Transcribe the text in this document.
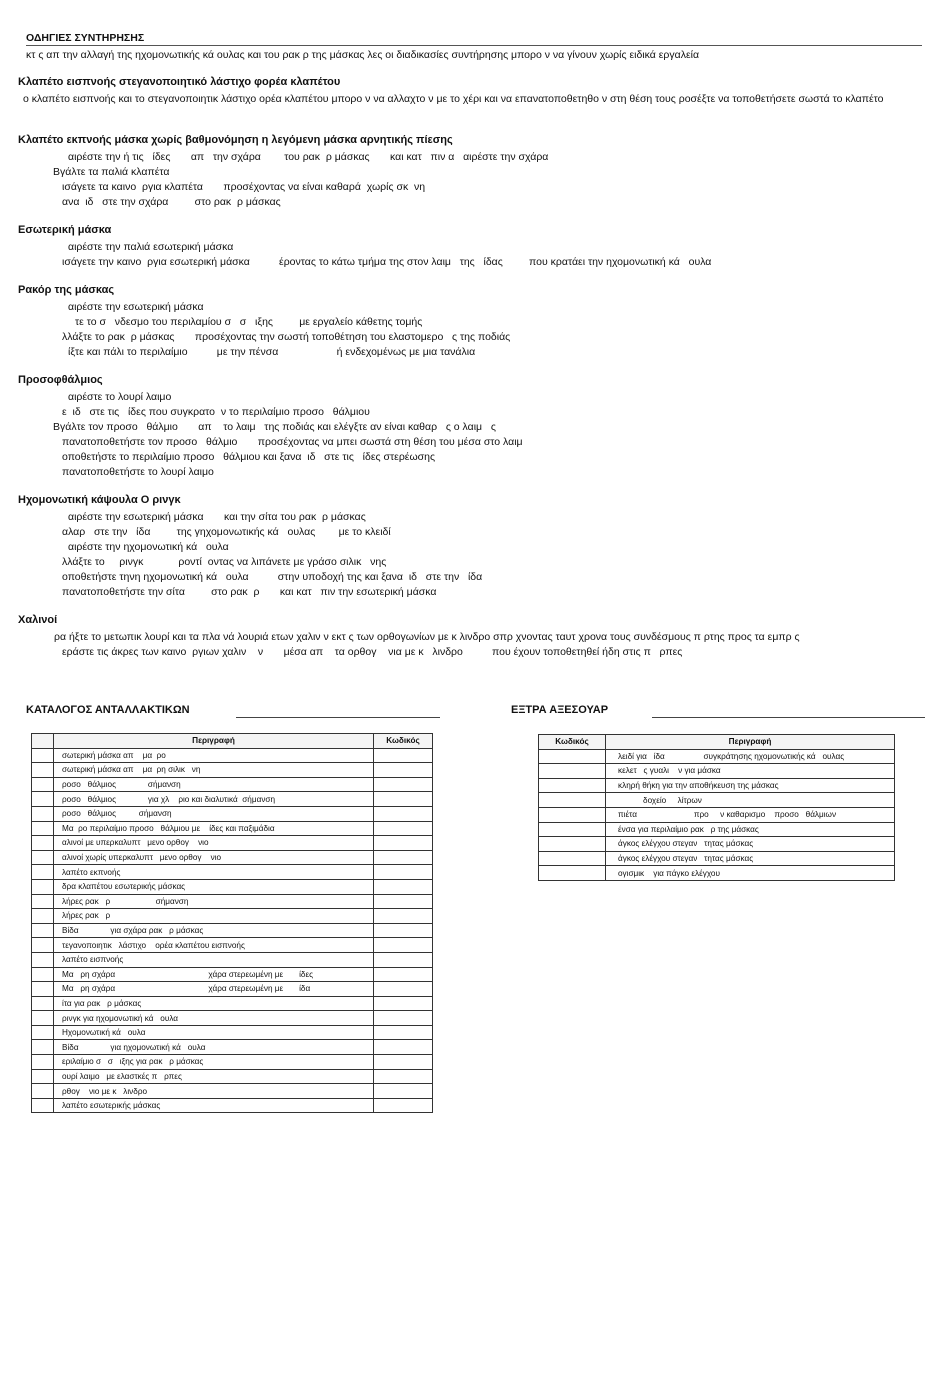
ΟΔΗΓΙΕΣ ΣΥΝΤΗΡΗΣΗΣ
κτ ς απ την αλλαγή της ηχομονωτικής κά ουλας και του ρακ ρ της μάσκας λες οι διαδικασίες συντήρησης μπορο ν να γίνουν χωρίς ειδικά εργαλεία
Κλαπέτο εισπνοής στεγανοποιητικό λάστιχο φορέα κλαπέτου
ο κλαπέτο εισπνοής και το στεγανοποιητικ λάστιχο ορέα κλαπέτου μπορο ν να αλλαχτο ν με το χέρι και να επανατοποθετηθο ν στη θέση τους ροσέξτε να τοποθετήσετε σωστά το κλαπέτο
Κλαπέτο εκπνοής μάσκα χωρίς βαθμονόμηση η λεγόμενη μάσκα αρνητικής πίεσης
αιρέστε την ή τις   ίδες       απ   την σχάρα        του ρακ  ρ μάσκας       και κατ   πιν α   αιρέστε την σχάρα
Βγάλτε τα παλιά κλαπέτα
ισάγετε τα καινο  ργια κλαπέτα       προσέχοντας να είναι καθαρά  χωρίς σκ  νη
ανα  ιδ   στε την σχάρα         στο ρακ  ρ μάσκας
Εσωτερική μάσκα
αιρέστε την παλιά εσωτερική μάσκα
ισάγετε την καινο  ργια εσωτερική μάσκα          έροντας το κάτω τμήμα της στον λαιμ   της   ίδας         που κρατάει την ηχομονωτική κά   ουλα
Ρακόρ της μάσκας
αιρέστε την εσωτερική μάσκα
τε το σ   νδεσμο του περιλαμίου σ   σ   ιξης         με εργαλείο κάθετης τομής
λλάξτε το ρακ  ρ μάσκας       προσέχοντας την σωστή τοποθέτηση του ελαστομερο   ς της ποδιάς
ίξτε και πάλι το περιλαίμιο          με την πένσα                    ή ενδεχομένως με μια τανάλια
Προσοφθάλμιος
αιρέστε το λουρί λαιμο
ε  ιδ   στε τις   ίδες που συγκρατο  ν το περιλαίμιο προσο   θάλμιου
Βγάλτε τον προσο   θάλμιο       απ    το λαιμ   της ποδιάς και ελέγξτε αν είναι καθαρ   ς ο λαιμ   ς
πανατοποθετήστε τον προσο   θάλμιο       προσέχοντας να μπει σωστά στη θέση του μέσα στο λαιμ
οποθετήστε το περιλαίμιο προσο   θάλμιου και ξανα  ιδ   στε τις   ίδες στερέωσης
πανατοποθετήστε το λουρί λαιμο
Ηχομονωτική κάψουλα Ο ρινγκ
αιρέστε την εσωτερική μάσκα       και την σίτα του ρακ  ρ μάσκας
αλαρ   στε την   ίδα         της γηχομονωτικής κά   ουλας        με το κλειδί
αιρέστε την ηχομονωτική κά   ουλα
λλάξτε το     ρινγκ            ροντί  οντας να λιπάνετε με γράσο σιλικ   νης
οποθετήστε τηνη ηχομονωτική κά   ουλα          στην υποδοχή της και ξανα  ιδ   στε την   ίδα
πανατοποθετήστε την σίτα         στο ρακ  ρ       και κατ   πιν την εσωτερική μάσκα
Χαλινοί
ρα ήξτε το μετωπικ λουρί και τα πλα νά λουριά ετων χαλιν ν εκτ ς των ορθογωνίων με κ λινδρο σπρ χνοντας ταυτ χρονα τους συνδέσμους π ρτης προς τα εμπρ ς
εράστε τις άκρες των καινο  ργιων χαλιν    ν       μέσα απ    τα ορθογ    νια με κ   λινδρο          που έχουν τοποθετηθεί ήδη στις π   ρπες
ΚΑΤΑΛΟΓΟΣ ΑΝΤΑΛΛΑΚΤΙΚΩΝ
	Περιγραφή	Κωδικός
	σωτερική μάσκα απ    μα  ρο	
	σωτερική μάσκα απ    μα  ρη σιλικ   νη	
	ροσο   θάλμιος              σήμανση	
	ροσο   θάλμιος              για χλ    ριο και διαλυτικά  σήμανση	
	ροσο   θάλμιος          σήμανση	
	Μα  ρο περιλαίμιο προσο   θάλμιου με    ίδες και παξιμάδια	
	αλινοί με υπερκαλυπτ   μενο ορθογ    νιο	
	αλινοί χωρίς υπερκαλυπτ   μενο ορθογ    νιο	
	λαπέτο εκπνοής	
	δρα κλαπέτου εσωτερικής μάσκας	
	λήρες ρακ   ρ                    σήμανση	
	λήρες ρακ   ρ	
	Βίδα              για σχάρα ρακ   ρ μάσκας	
	τεγανοποιητικ   λάστιχο    ορέα κλαπέτου εισπνοής	
	λαπέτο εισπνοής	
	Μα   ρη σχάρα                                         χάρα στερεωμένη με       ίδες	
	Μα   ρη σχάρα                                         χάρα στερεωμένη με       ίδα	
	ίτα για ρακ   ρ μάσκας	
	ρινγκ για ηχομονωτική κά   ουλα	
	Ηχομονωτική κά   ουλα	
	Βίδα              για ηχομονωτική κά   ουλα	
	εριλαίμιο σ   σ   ιξης για ρακ   ρ μάσκας	
	ουρί λαιμο   με ελαστκές π   ρπες	
	ρθογ    νιο με κ   λινδρο	
	λαπέτο εσωτερικής μάσκας	
ΕΞΤΡΑ ΑΞΕΣΟΥΑΡ
Κωδικός	Περιγραφή
	λειδί για   ίδα                 συγκράτησης ηχομονωτικής κά   ουλας
	κελετ   ς γυαλι    ν για μάσκα
	κληρή θήκη για την αποθήκευση της μάσκας
	δοχείο     λίτρων
	πιέτα                         προ     ν καθαρισμο    προσο   θάλμιων
	ένσα για περιλαίμιο ρακ   ρ της μάσκας
	άγκος ελέγχου στεγαν   τητας μάσκας
	άγκος ελέγχου στεγαν   τητας μάσκας
	ογισμικ    για πάγκο ελέγχου
